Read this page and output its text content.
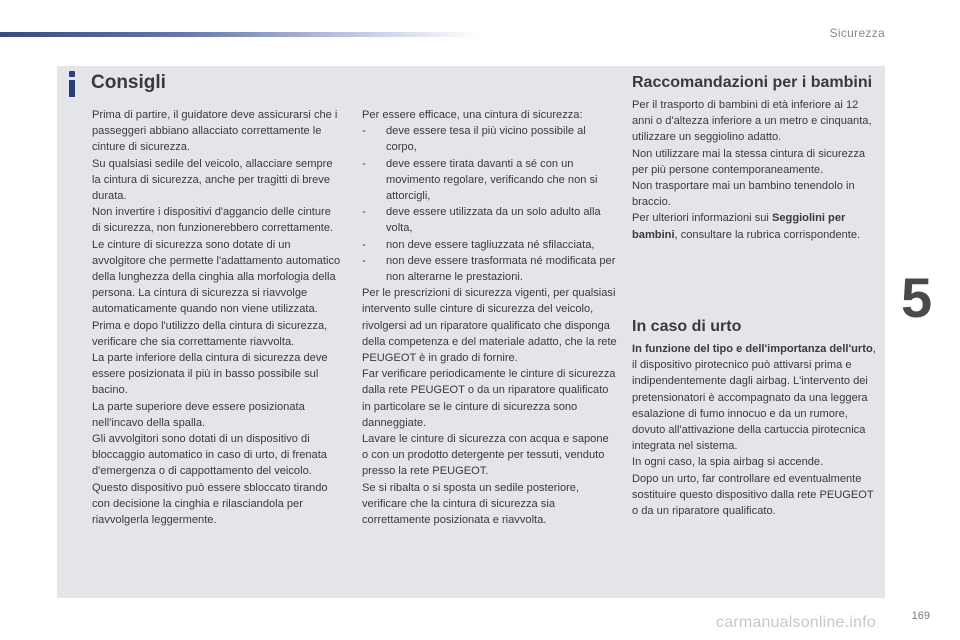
Sicurezza
5
Consigli

Prima di partire, il guidatore deve assicurarsi che i passeggeri abbiano allacciato correttamente le cinture di sicurezza.

Su qualsiasi sedile del veicolo, allacciare sempre la cintura di sicurezza, anche per tragitti di breve durata.

Non invertire i dispositivi d'aggancio delle cinture di sicurezza, non funzionerebbero correttamente.

Le cinture di sicurezza sono dotate di un avvolgitore che permette l'adattamento automatico della lunghezza della cinghia alla morfologia della persona. La cintura di sicurezza si riavvolge automaticamente quando non viene utilizzata.

Prima e dopo l'utilizzo della cintura di sicurezza, verificare che sia correttamente riavvolta.

La parte inferiore della cintura di sicurezza deve essere posizionata il più in basso possibile sul bacino.

La parte superiore deve essere posizionata nell'incavo della spalla.

Gli avvolgitori sono dotati di un dispositivo di bloccaggio automatico in caso di urto, di frenata d'emergenza o di cappottamento del veicolo. Questo dispositivo può essere sbloccato tirando con decisione la cinghia e rilasciandola per riavvolgerla leggermente.

Per essere efficace, una cintura di sicurezza:

- deve essere tesa il più vicino possibile al corpo,
- deve essere tirata davanti a sé con un movimento regolare, verificando che non si attorcigli,
- deve essere utilizzata da un solo adulto alla volta,
- non deve essere tagliuzzata né sfilacciata,
- non deve essere trasformata né modificata per non alterarne le prestazioni.

Per le prescrizioni di sicurezza vigenti, per qualsiasi intervento sulle cinture di sicurezza del veicolo, rivolgersi ad un riparatore qualificato che disponga della competenza e del materiale adatto, che la rete PEUGEOT è in grado di fornire.

Far verificare periodicamente le cinture di sicurezza dalla rete PEUGEOT o da un riparatore qualificato in particolare se le cinture di sicurezza sono danneggiate.

Lavare le cinture di sicurezza con acqua e sapone o con un prodotto detergente per tessuti, venduto presso la rete PEUGEOT.

Se si ribalta o si sposta un sedile posteriore, verificare che la cintura di sicurezza sia correttamente posizionata e riavvolta.

Raccomandazioni per i bambini

Per il trasporto di bambini di età inferiore ai 12 anni o d'altezza inferiore a un metro e cinquanta, utilizzare un seggiolino adatto.

Non utilizzare mai la stessa cintura di sicurezza per più persone contemporaneamente.

Non trasportare mai un bambino tenendolo in braccio.

Per ulteriori informazioni sui Seggiolini per bambini, consultare la rubrica corrispondente.

In caso di urto

In funzione del tipo e dell'importanza dell'urto, il dispositivo pirotecnico può attivarsi prima e indipendentemente dagli airbag. L'intervento dei pretensionatori è accompagnato da una leggera esalazione di fumo innocuo e da un rumore, dovuto all'attivazione della cartuccia pirotecnica integrata nel sistema.

In ogni caso, la spia airbag si accende.

Dopo un urto, far controllare ed eventualmente sostituire questo dispositivo dalla rete PEUGEOT o da un riparatore qualificato.

carmanualsonline.info	169
